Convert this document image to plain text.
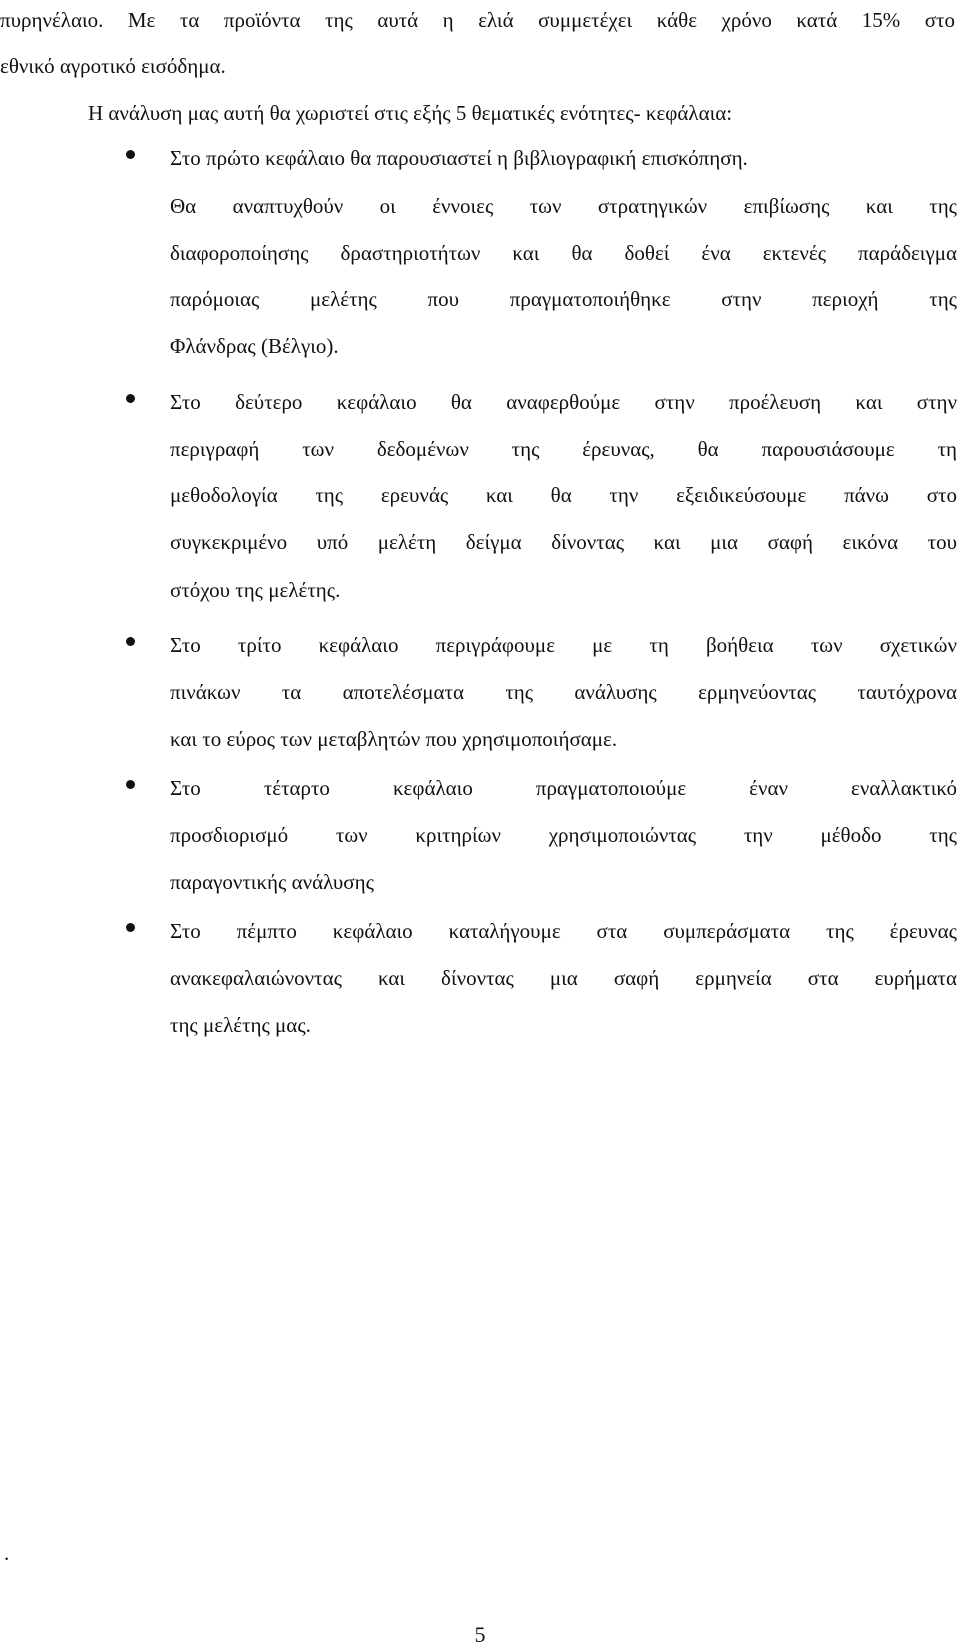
πυρηνέλαιο. Με τα προϊόντα της αυτά η ελιά συμμετέχει κάθε χρόνο κατά 15% στο
εθνικό αγροτικό εισόδημα.
Η ανάλυση μας αυτή θα χωριστεί στις εξής 5 θεματικές ενότητες- κεφάλαια:
Στο πρώτο κεφάλαιο θα παρουσιαστεί η βιβλιογραφική επισκόπηση.
Θα αναπτυχθούν οι έννοιες των στρατηγικών επιβίωσης και της
διαφοροποίησης δραστηριοτήτων και θα δοθεί ένα εκτενές παράδειγμα
παρόμοιας μελέτης που πραγματοποιήθηκε στην περιοχή της
Φλάνδρας (Βέλγιο).
Στο δεύτερο κεφάλαιο θα αναφερθούμε στην προέλευση και στην
περιγραφή των δεδομένων της έρευνας, θα παρουσιάσουμε τη
μεθοδολογία της ερευνάς και θα την εξειδικεύσουμε πάνω στο
συγκεκριμένο υπό μελέτη δείγμα δίνοντας και μια σαφή εικόνα του
στόχου της μελέτης.
Στο τρίτο κεφάλαιο περιγράφουμε με τη βοήθεια των σχετικών
πινάκων τα αποτελέσματα της ανάλυσης ερμηνεύοντας ταυτόχρονα
και το εύρος των μεταβλητών που χρησιμοποιήσαμε.
Στο τέταρτο κεφάλαιο πραγματοποιούμε έναν εναλλακτικό
προσδιορισμό των κριτηρίων χρησιμοποιώντας την μέθοδο της
παραγοντικής ανάλυσης
Στο πέμπτο κεφάλαιο καταλήγουμε στα συμπεράσματα της έρευνας
ανακεφαλαιώνοντας και δίνοντας μια σαφή ερμηνεία στα ευρήματα
της μελέτης μας.
.
5
